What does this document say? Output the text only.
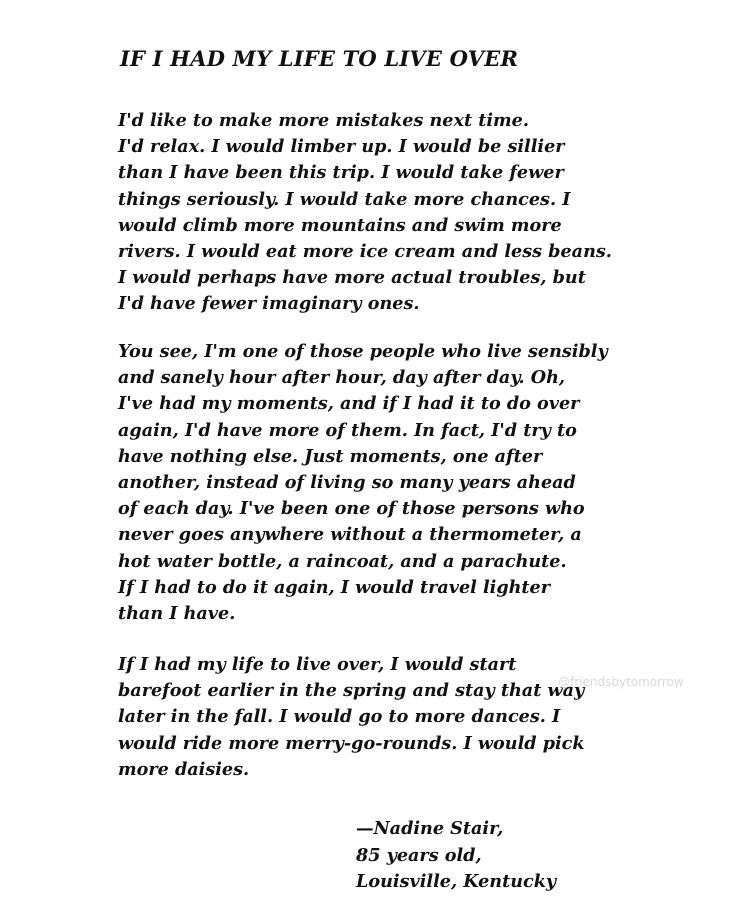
IF I HAD MY LIFE TO LIVE OVER
I'd like to make more mistakes next time.
I'd relax. I would limber up. I would be sillier
than I have been this trip. I would take fewer
things seriously. I would take more chances. I
would climb more mountains and swim more
rivers. I would eat more ice cream and less beans.
I would perhaps have more actual troubles, but
I'd have fewer imaginary ones.
You see, I'm one of those people who live sensibly
and sanely hour after hour, day after day. Oh,
I've had my moments, and if I had it to do over
again, I'd have more of them. In fact, I'd try to
have nothing else. Just moments, one after
another, instead of living so many years ahead
of each day. I've been one of those persons who
never goes anywhere without a thermometer, a
hot water bottle, a raincoat, and a parachute.
If I had to do it again, I would travel lighter
than I have.
If I had my life to live over, I would start
barefoot earlier in the spring and stay that way
later in the fall. I would go to more dances. I
would ride more merry-go-rounds. I would pick
more daisies.
@friendsbytomorrow
—Nadine Stair,
85 years old,
Louisville, Kentucky
